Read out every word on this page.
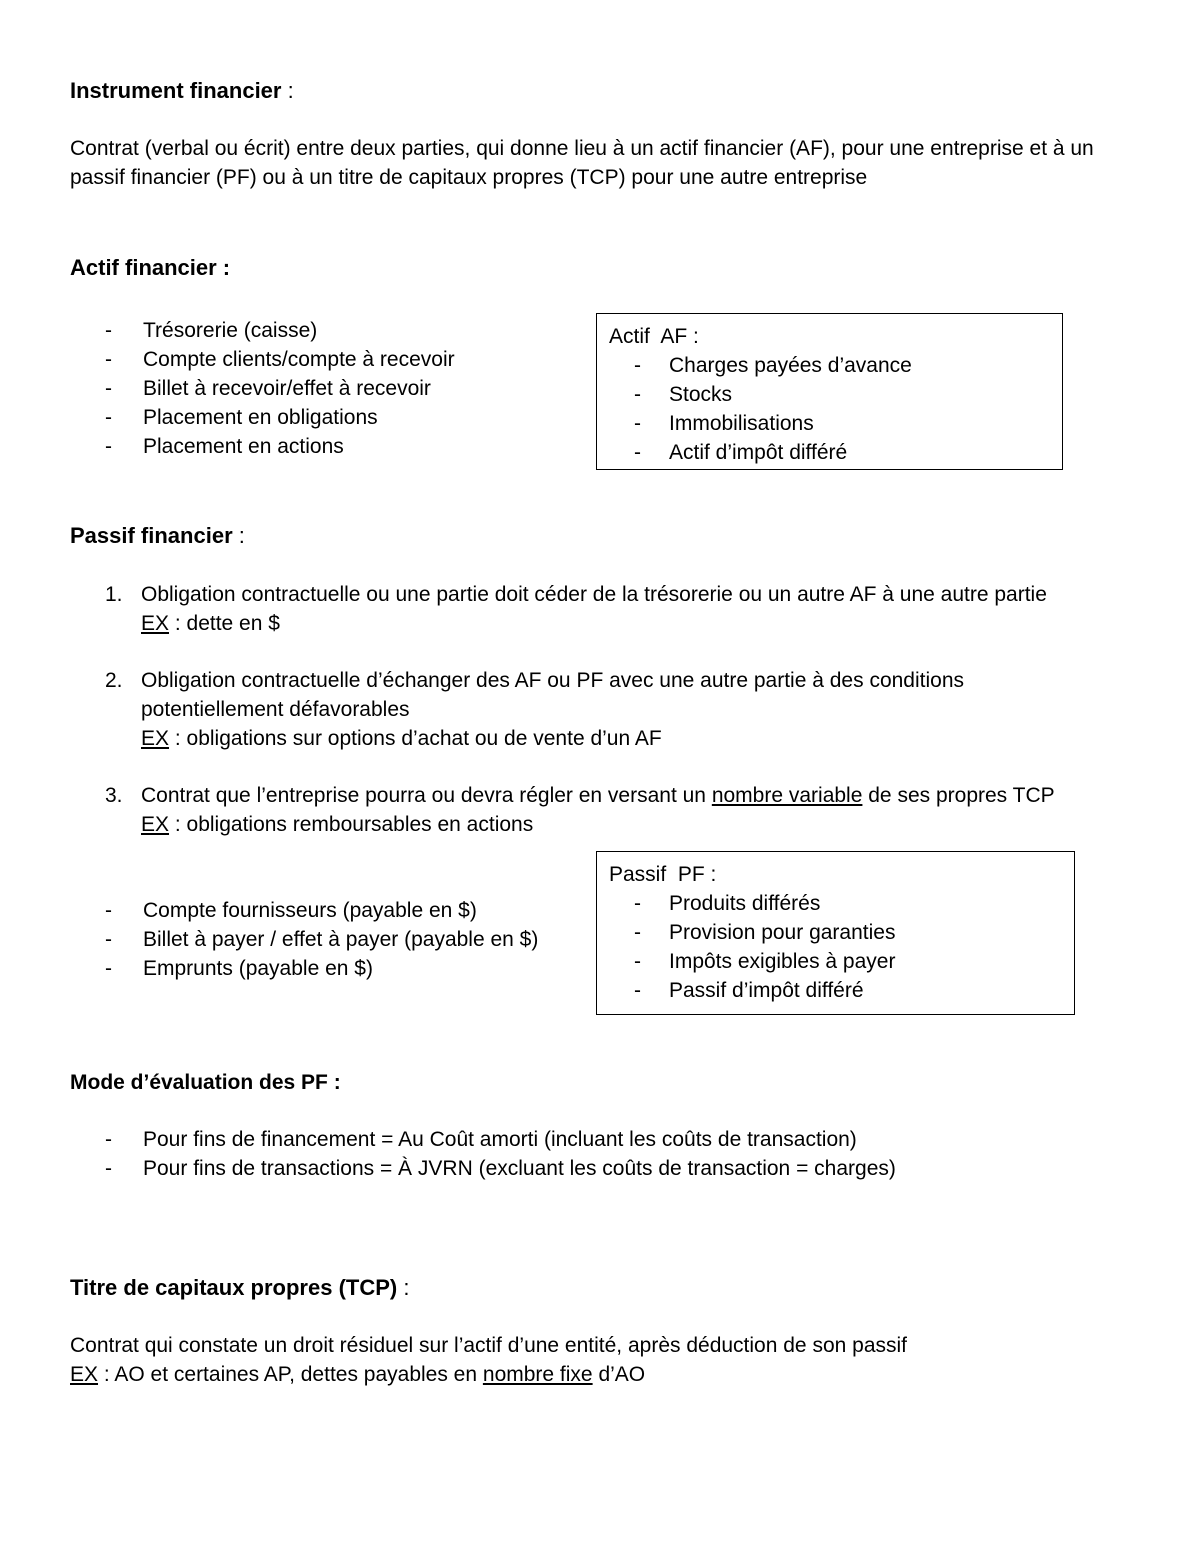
Instrument financier :
Contrat (verbal ou écrit) entre deux parties, qui donne lieu à un actif financier (AF), pour une entreprise et à un
passif financier (PF) ou à un titre de capitaux propres (TCP) pour une autre entreprise
Actif financier :
- Trésorerie (caisse)
- Compte clients/compte à recevoir
- Billet à recevoir/effet à recevoir
- Placement en obligations
- Placement en actions
Actif  AF :
- Charges payées d’avance
- Stocks
- Immobilisations
- Actif d’impôt différé
Passif financier :
1. Obligation contractuelle ou une partie doit céder de la trésorerie ou un autre AF à une autre partie
EX : dette en $
2. Obligation contractuelle d’échanger des AF ou PF avec une autre partie à des conditions
potentiellement défavorables
EX : obligations sur options d’achat ou de vente d’un AF
3. Contrat que l’entreprise pourra ou devra régler en versant un nombre variable de ses propres TCP
EX : obligations remboursables en actions
- Compte fournisseurs (payable en $)
- Billet à payer / effet à payer (payable en $)
- Emprunts (payable en $)
Passif  PF :
- Produits différés
- Provision pour garanties
- Impôts exigibles à payer
- Passif d’impôt différé
Mode d’évaluation des PF :
- Pour fins de financement = Au Coût amorti (incluant les coûts de transaction)
- Pour fins de transactions = À JVRN (excluant les coûts de transaction = charges)
Titre de capitaux propres (TCP) :
Contrat qui constate un droit résiduel sur l’actif d’une entité, après déduction de son passif
EX : AO et certaines AP, dettes payables en nombre fixe d’AO
